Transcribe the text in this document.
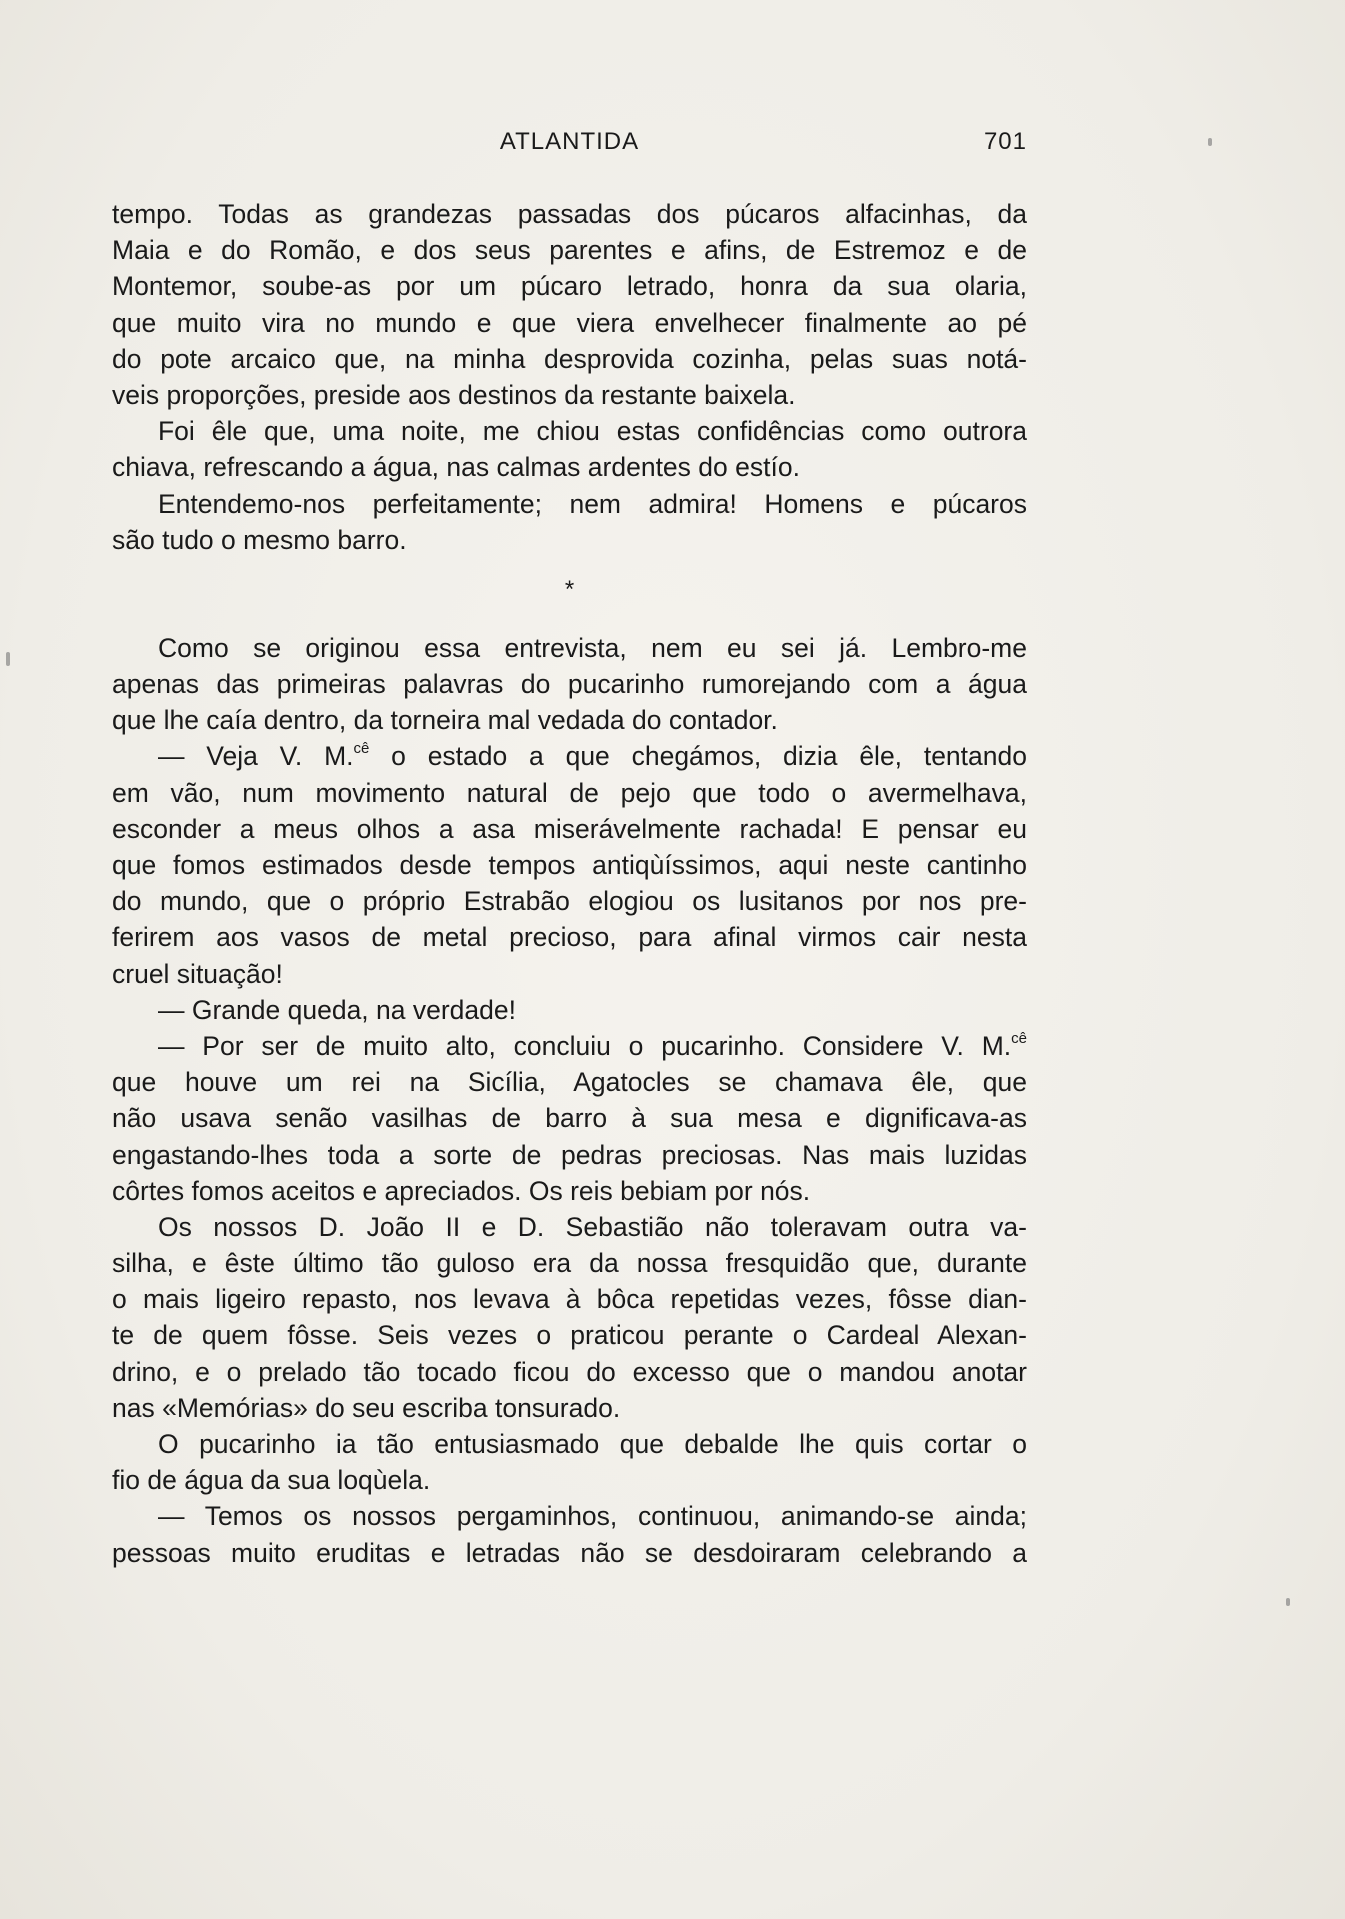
ATLANTIDA	701
tempo. Todas as grandezas passadas dos púcaros alfacinhas, da
Maia e do Romão, e dos seus parentes e afins, de Estremoz e de
Montemor, soube-as por um púcaro letrado, honra da sua olaria,
que muito vira no mundo e que viera envelhecer finalmente ao pé
do pote arcaico que, na minha desprovida cozinha, pelas suas notá-
veis proporções, preside aos destinos da restante baixela.
Foi êle que, uma noite, me chiou estas confidências como outrora
chiava, refrescando a água, nas calmas ardentes do estío.
Entendemo-nos perfeitamente; nem admira! Homens e púcaros
são tudo o mesmo barro.
*
Como se originou essa entrevista, nem eu sei já. Lembro-me
apenas das primeiras palavras do pucarinho rumorejando com a água
que lhe caía dentro, da torneira mal vedada do contador.
— Veja V. M.$^{cê}$ o estado a que chegámos, dizia êle, tentando
em vão, num movimento natural de pejo que todo o avermelhava,
esconder a meus olhos a asa miserávelmente rachada! E pensar eu
que fomos estimados desde tempos antiqùíssimos, aqui neste cantinho
do mundo, que o próprio Estrabão elogiou os lusitanos por nos pre-
ferirem aos vasos de metal precioso, para afinal virmos cair nesta
cruel situação!
— Grande queda, na verdade!
— Por ser de muito alto, concluiu o pucarinho. Considere V. M.$^{cê}$
que houve um rei na Sicília, Agatocles se chamava êle, que
não usava senão vasilhas de barro à sua mesa e dignificava-as
engastando-lhes toda a sorte de pedras preciosas. Nas mais luzidas
côrtes fomos aceitos e apreciados. Os reis bebiam por nós.
Os nossos D. João II e D. Sebastião não toleravam outra va-
silha, e êste último tão guloso era da nossa fresquidão que, durante
o mais ligeiro repasto, nos levava à bôca repetidas vezes, fôsse dian-
te de quem fôsse. Seis vezes o praticou perante o Cardeal Alexan-
drino, e o prelado tão tocado ficou do excesso que o mandou anotar
nas «Memórias» do seu escriba tonsurado.
O pucarinho ia tão entusiasmado que debalde lhe quis cortar o
fio de água da sua loqùela.
— Temos os nossos pergaminhos, continuou, animando-se ainda;
pessoas muito eruditas e letradas não se desdoiraram celebrando a
